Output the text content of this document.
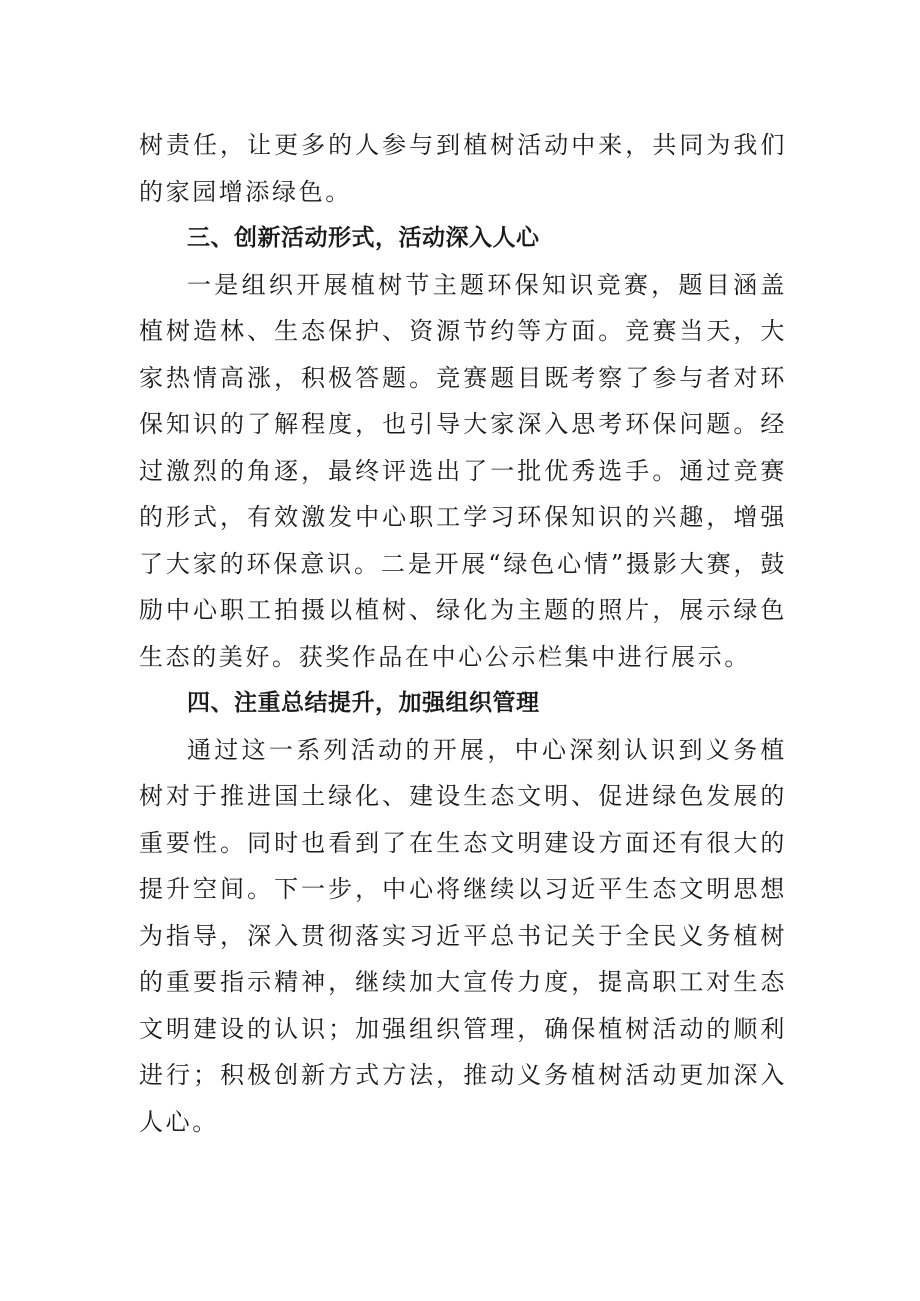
树责任，让更多的人参与到植树活动中来，共同为我们的家园增添绿色。

三、创新活动形式，活动深入人心

一是组织开展植树节主题环保知识竞赛，题目涵盖植树造林、生态保护、资源节约等方面。竞赛当天，大家热情高涨，积极答题。竞赛题目既考察了参与者对环保知识的了解程度，也引导大家深入思考环保问题。经过激烈的角逐，最终评选出了一批优秀选手。通过竞赛的形式，有效激发中心职工学习环保知识的兴趣，增强了大家的环保意识。二是开展“绿色心情”摄影大赛，鼓励中心职工拍摄以植树、绿化为主题的照片，展示绿色生态的美好。获奖作品在中心公示栏集中进行展示。

四、注重总结提升，加强组织管理

通过这一系列活动的开展，中心深刻认识到义务植树对于推进国土绿化、建设生态文明、促进绿色发展的重要性。同时也看到了在生态文明建设方面还有很大的提升空间。下一步，中心将继续以习近平生态文明思想为指导，深入贯彻落实习近平总书记关于全民义务植树的重要指示精神，继续加大宣传力度，提高职工对生态文明建设的认识；加强组织管理，确保植树活动的顺利进行；积极创新方式方法，推动义务植树活动更加深入人心。
